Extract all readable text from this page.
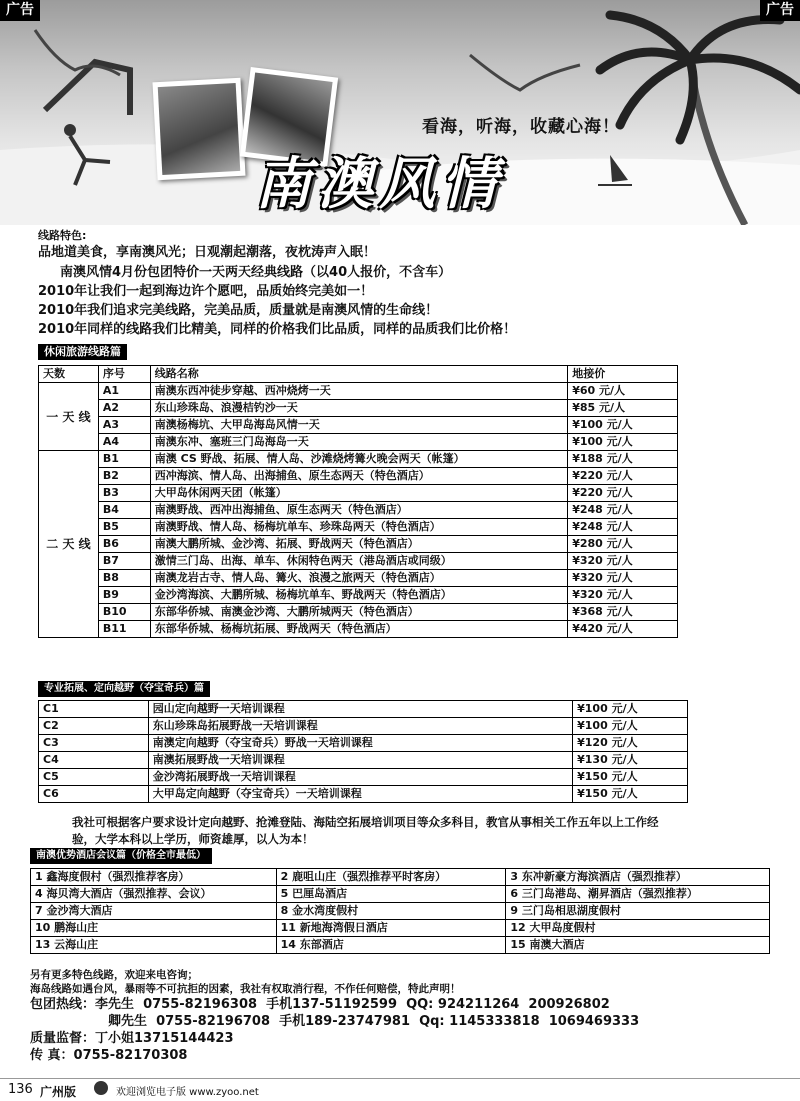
广告	广告
看海，听海，收藏心海！
南澳风情
线路特色:
品地道美食，享南澳风光；日观潮起潮落，夜枕涛声入眠！
南澳风情4月份包团特价一天两天经典线路（以40人报价，不含车）
2010年让我们一起到海边许个愿吧，品质始终完美如一！
2010年我们追求完美线路，完美品质，质量就是南澳风情的生命线！
2010年同样的线路我们比精美，同样的价格我们比品质，同样的品质我们比价格！
休闲旅游线路篇
天数	序号	线路名称	地接价
一 天 线	A1	南澳东西冲徒步穿越、西冲烧烤一天	¥60 元/人
	A2	东山珍珠岛、浪漫桔钓沙一天	¥85 元/人
	A3	南澳杨梅坑、大甲岛海岛风情一天	¥100 元/人
	A4	南澳东冲、塞班三门岛海岛一天	¥100 元/人
二 天 线	B1	南澳 CS 野战、拓展、情人岛、沙滩烧烤篝火晚会两天（帐篷）	¥188 元/人
	B2	西冲海滨、情人岛、出海捕鱼、原生态两天（特色酒店）	¥220 元/人
	B3	大甲岛休闲两天团（帐篷）	¥220 元/人
	B4	南澳野战、西冲出海捕鱼、原生态两天（特色酒店）	¥248 元/人
	B5	南澳野战、情人岛、杨梅坑单车、珍珠岛两天（特色酒店）	¥248 元/人
	B6	南澳大鹏所城、金沙湾、拓展、野战两天（特色酒店）	¥280 元/人
	B7	激情三门岛、出海、单车、休闲特色两天（港岛酒店或同级）	¥320 元/人
	B8	南澳龙岩古寺、情人岛、篝火、浪漫之旅两天（特色酒店）	¥320 元/人
	B9	金沙湾海滨、大鹏所城、杨梅坑单车、野战两天（特色酒店）	¥320 元/人
	B10	东部华侨城、南澳金沙湾、大鹏所城两天（特色酒店）	¥368 元/人
	B11	东部华侨城、杨梅坑拓展、野战两天（特色酒店）	¥420 元/人
专业拓展、定向越野（夺宝奇兵）篇
C1	园山定向越野一天培训课程	¥100 元/人
C2	东山珍珠岛拓展野战一天培训课程	¥100 元/人
C3	南澳定向越野（夺宝奇兵）野战一天培训课程	¥120 元/人
C4	南澳拓展野战一天培训课程	¥130 元/人
C5	金沙湾拓展野战一天培训课程	¥150 元/人
C6	大甲岛定向越野（夺宝奇兵）一天培训课程	¥150 元/人
我社可根据客户要求设计定向越野、抢滩登陆、海陆空拓展培训项目等众多科目，教官从事相关工作五年以上工作经验，大学本科以上学历，师资雄厚，以人为本！
南澳优势酒店会议篇（价格全市最低）
1 鑫海度假村（强烈推荐客房）	2 鹿咀山庄（强烈推荐平时客房）	3 东冲新豪方海滨酒店（强烈推荐）
4 海贝湾大酒店（强烈推荐、会议）	5 巴厘岛酒店	6 三门岛港岛、潮昇酒店（强烈推荐）
7 金沙湾大酒店	8 金水湾度假村	9 三门岛相思湖度假村
10 鹏海山庄	11 新地海湾假日酒店	12 大甲岛度假村
13 云海山庄	14 东部酒店	15 南澳大酒店
另有更多特色线路，欢迎来电咨询；
海岛线路如遇台风，暴雨等不可抗拒的因素，我社有权取消行程，不作任何赔偿，特此声明！
包团热线：李先生 0755-82196308 手机137-51192599 QQ: 924211264 200926802
卿先生 0755-82196708 手机189-23747981 Qq: 1145333818 1069469333
质量监督：丁小姐13715144423
传 真：0755-82170308
136 广州版	欢迎浏览电子版 www.zyoo.net
